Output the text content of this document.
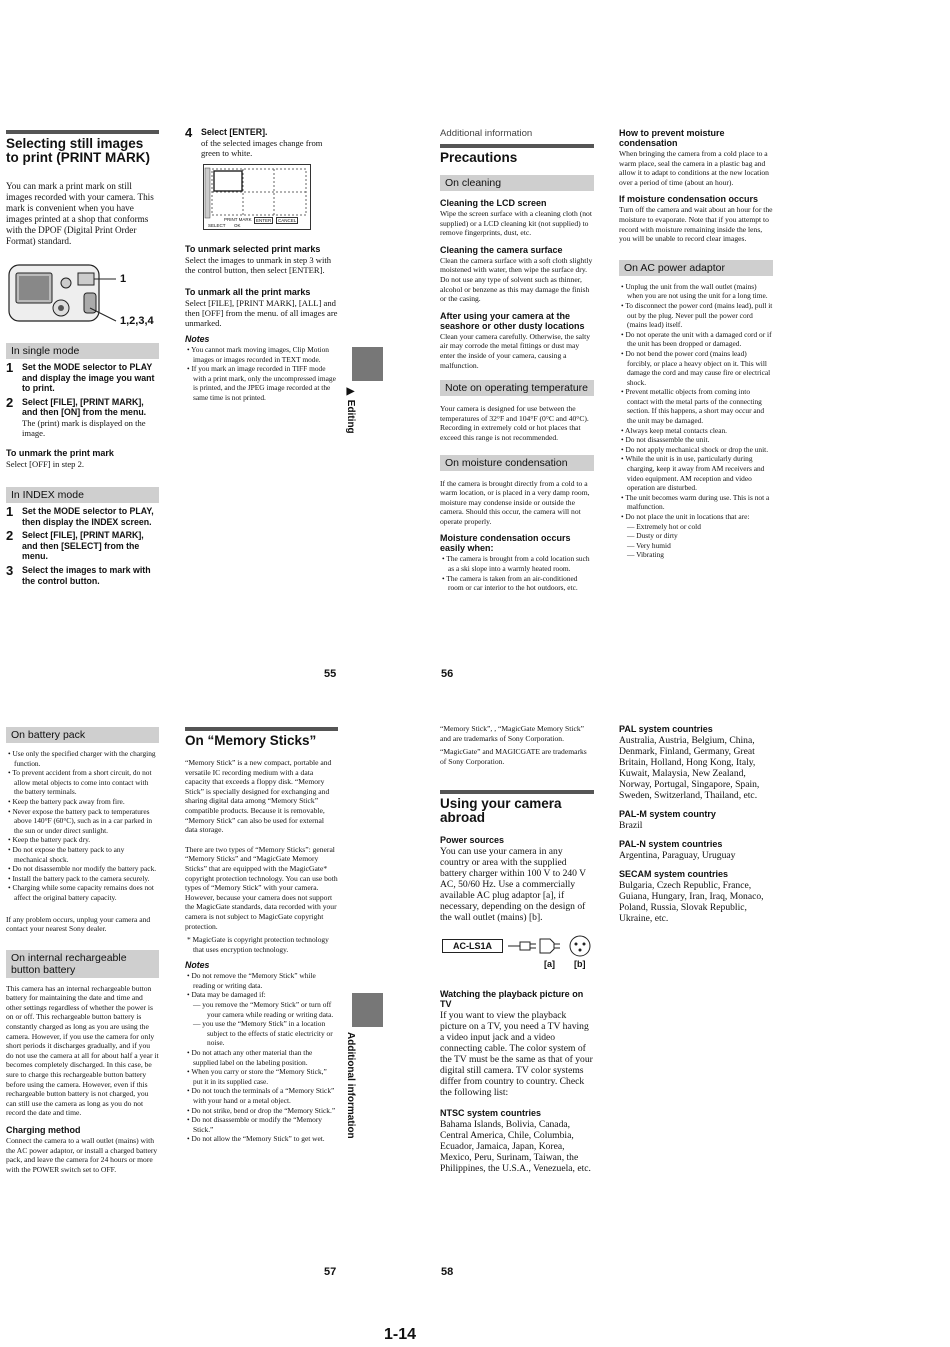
Selecting still images to print (PRINT MARK)

You can mark a print mark on still images recorded with your camera. This mark is convenient when you have images printed at a shop that conforms with the DPOF (Digital Print Order Format) standard.

1
1,2,3,4
In single mode
1 Set the MODE selector to PLAY and display the image you want to print.
2 Select [FILE], [PRINT MARK], and then [ON] from the menu.

The (print) mark is displayed on the image.

To unmark the print mark

Select [OFF] in step 2.

In INDEX mode
1 Set the MODE selector to PLAY, then display the INDEX screen.
2 Select [FILE], [PRINT MARK], and then [SELECT] from the menu.
3 Select the images to mark with the control button.
4 Select [ENTER].

of the selected images change from green to white.

PRINT MARK ENTER	CANCEL
SELECT OK

To unmark selected print marks

Select the images to unmark in step 3 with the control button, then select [ENTER].

To unmark all the print marks

Select [FILE], [PRINT MARK], [ALL] and then [OFF] from the menu. of all images are unmarked.

Notes

• You cannot mark moving images, Clip Motion images or images recorded in TEXT mode.
• If you mark an image recorded in TIFF mode with a print mark, only the uncompressed image is printed, and the JPEG image recorded at the same time is not printed.	▶ Editing
55
Additional information
Precautions
On cleaning

Cleaning the LCD screen

Wipe the screen surface with a cleaning cloth (not supplied) or a LCD cleaning kit (not supplied) to remove fingerprints, dust, etc.

Cleaning the camera surface

Clean the camera surface with a soft cloth slightly moistened with water, then wipe the surface dry. Do not use any type of solvent such as thinner, alcohol or benzene as this may damage the finish or the casing.

After using your camera at the seashore or other dusty locations

Clean your camera carefully. Otherwise, the salty air may corrode the metal fittings or dust may enter the inside of your camera, causing a malfunction.

Note on operating temperature

Your camera is designed for use between the temperatures of 32°F and 104°F (0°C and 40°C). Recording in extremely cold or hot places that exceed this range is not recommended.

On moisture condensation

If the camera is brought directly from a cold to a warm location, or is placed in a very damp room, moisture may condense inside or outside the camera. Should this occur, the camera will not operate properly.

Moisture condensation occurs easily when:

• The camera is brought from a cold location such as a ski slope into a warmly heated room.
• The camera is taken from an air-conditioned room or car interior to the hot outdoors, etc.

How to prevent moisture condensation

When bringing the camera from a cold place to a warm place, seal the camera in a plastic bag and allow it to adapt to conditions at the new location over a period of time (about an hour).

If moisture condensation occurs

Turn off the camera and wait about an hour for the moisture to evaporate. Note that if you attempt to record with moisture remaining inside the lens, you will be unable to record clear images.

On AC power adaptor
• Unplug the unit from the wall outlet (mains) when you are not using the unit for a long time.
• To disconnect the power cord (mains lead), pull it out by the plug. Never pull the power cord (mains lead) itself.
• Do not operate the unit with a damaged cord or if the unit has been dropped or damaged.
• Do not bend the power cord (mains lead) forcibly, or place a heavy object on it. This will damage the cord and may cause fire or electrical shock.
• Prevent metallic objects from coming into contact with the metal parts of the connecting section. If this happens, a short may occur and the unit may be damaged.
• Always keep metal contacts clean.
• Do not disassemble the unit.
• Do not apply mechanical shock or drop the unit.
• While the unit is in use, particularly during charging, keep it away from AM receivers and video equipment. AM reception and video operation are disturbed.
• The unit becomes warm during use. This is not a malfunction.
• Do not place the unit in locations that are:
— Extremely hot or cold
— Dusty or dirty
— Very humid
— Vibrating
56
On battery pack
• Use only the specified charger with the charging function.
• To prevent accident from a short circuit, do not allow metal objects to come into contact with the battery terminals.
• Keep the battery pack away from fire.
• Never expose the battery pack to temperatures above 140°F (60°C), such as in a car parked in the sun or under direct sunlight.
• Keep the battery pack dry.
• Do not expose the battery pack to any mechanical shock.
• Do not disassemble nor modify the battery pack.
• Install the battery pack to the camera securely.
• Charging while some capacity remains does not affect the original battery capacity.

If any problem occurs, unplug your camera and contact your nearest Sony dealer.

On internal rechargeable button battery

This camera has an internal rechargeable button battery for maintaining the date and time and other settings regardless of whether the power is on or off. This rechargeable button battery is constantly charged as long as you are using the camera. However, if you use the camera for only short periods it discharges gradually, and if you do not use the camera at all for about half a year it becomes completely discharged. In this case, be sure to charge this rechargeable button battery before using the camera. However, even if this rechargeable button battery is not charged, you can still use the camera as long as you do not record the date and time.

Charging method

Connect the camera to a wall outlet (mains) with the AC power adaptor, or install a charged battery pack, and leave the camera for 24 hours or more with the POWER switch set to OFF.

On “Memory Sticks”

“Memory Stick” is a new compact, portable and versatile IC recording medium with a data capacity that exceeds a floppy disk. “Memory Stick” is specially designed for exchanging and sharing digital data among “Memory Stick” compatible products. Because it is removable, “Memory Stick” can also be used for external data storage.

There are two types of “Memory Sticks”: general “Memory Sticks” and “MagicGate Memory Sticks” that are equipped with the MagicGate* copyright protection technology. You can use both types of “Memory Stick” with your camera. However, because your camera does not support the MagicGate standards, data recorded with your camera is not subject to MagicGate copyright protection.

* MagicGate is copyright protection technology that uses encryption technology.

Notes

• Do not remove the “Memory Stick” while reading or writing data.
• Data may be damaged if:
— you remove the “Memory Stick” or turn off your camera while reading or writing data.
— you use the “Memory Stick” in a location subject to the effects of static electricity or noise.
• Do not attach any other material than the supplied label on the labeling position.
• When you carry or store the “Memory Stick,” put it in its supplied case.
• Do not touch the terminals of a “Memory Stick” with your hand or a metal object.
• Do not strike, bend or drop the “Memory Stick.”
• Do not disassemble or modify the “Memory Stick.”
• Do not allow the “Memory Stick” to get wet.
Additional information
57

“Memory Stick”, , “MagicGate Memory Stick” and are trademarks of Sony Corporation.

“MagicGate” and MAGICGATE are trademarks of Sony Corporation.

Using your camera abroad

Power sources

You can use your camera in any country or area with the supplied battery charger within 100 V to 240 V AC, 50/60 Hz. Use a commercially available AC plug adaptor [a], if necessary, depending on the design of the wall outlet (mains) [b].

AC-LS1A
[a] [b]

Watching the playback picture on TV

If you want to view the playback picture on a TV, you need a TV having a video input jack and a video connecting cable. The color system of the TV must be the same as that of your digital still camera. TV color systems differ from country to country. Check the following list:

NTSC system countries

Bahama Islands, Bolivia, Canada, Central America, Chile, Columbia, Ecuador, Jamaica, Japan, Korea, Mexico, Peru, Surinam, Taiwan, the Philippines, the U.S.A., Venezuela, etc.

PAL system countries

Australia, Austria, Belgium, China, Denmark, Finland, Germany, Great Britain, Holland, Hong Kong, Italy, Kuwait, Malaysia, New Zealand, Norway, Portugal, Singapore, Spain, Sweden, Switzerland, Thailand, etc.

PAL-M system country

Brazil

PAL-N system countries

Argentina, Paraguay, Uruguay

SECAM system countries

Bulgaria, Czech Republic, France, Guiana, Hungary, Iran, Iraq, Monaco, Poland, Russia, Slovak Republic, Ukraine, etc.

58
1-14
